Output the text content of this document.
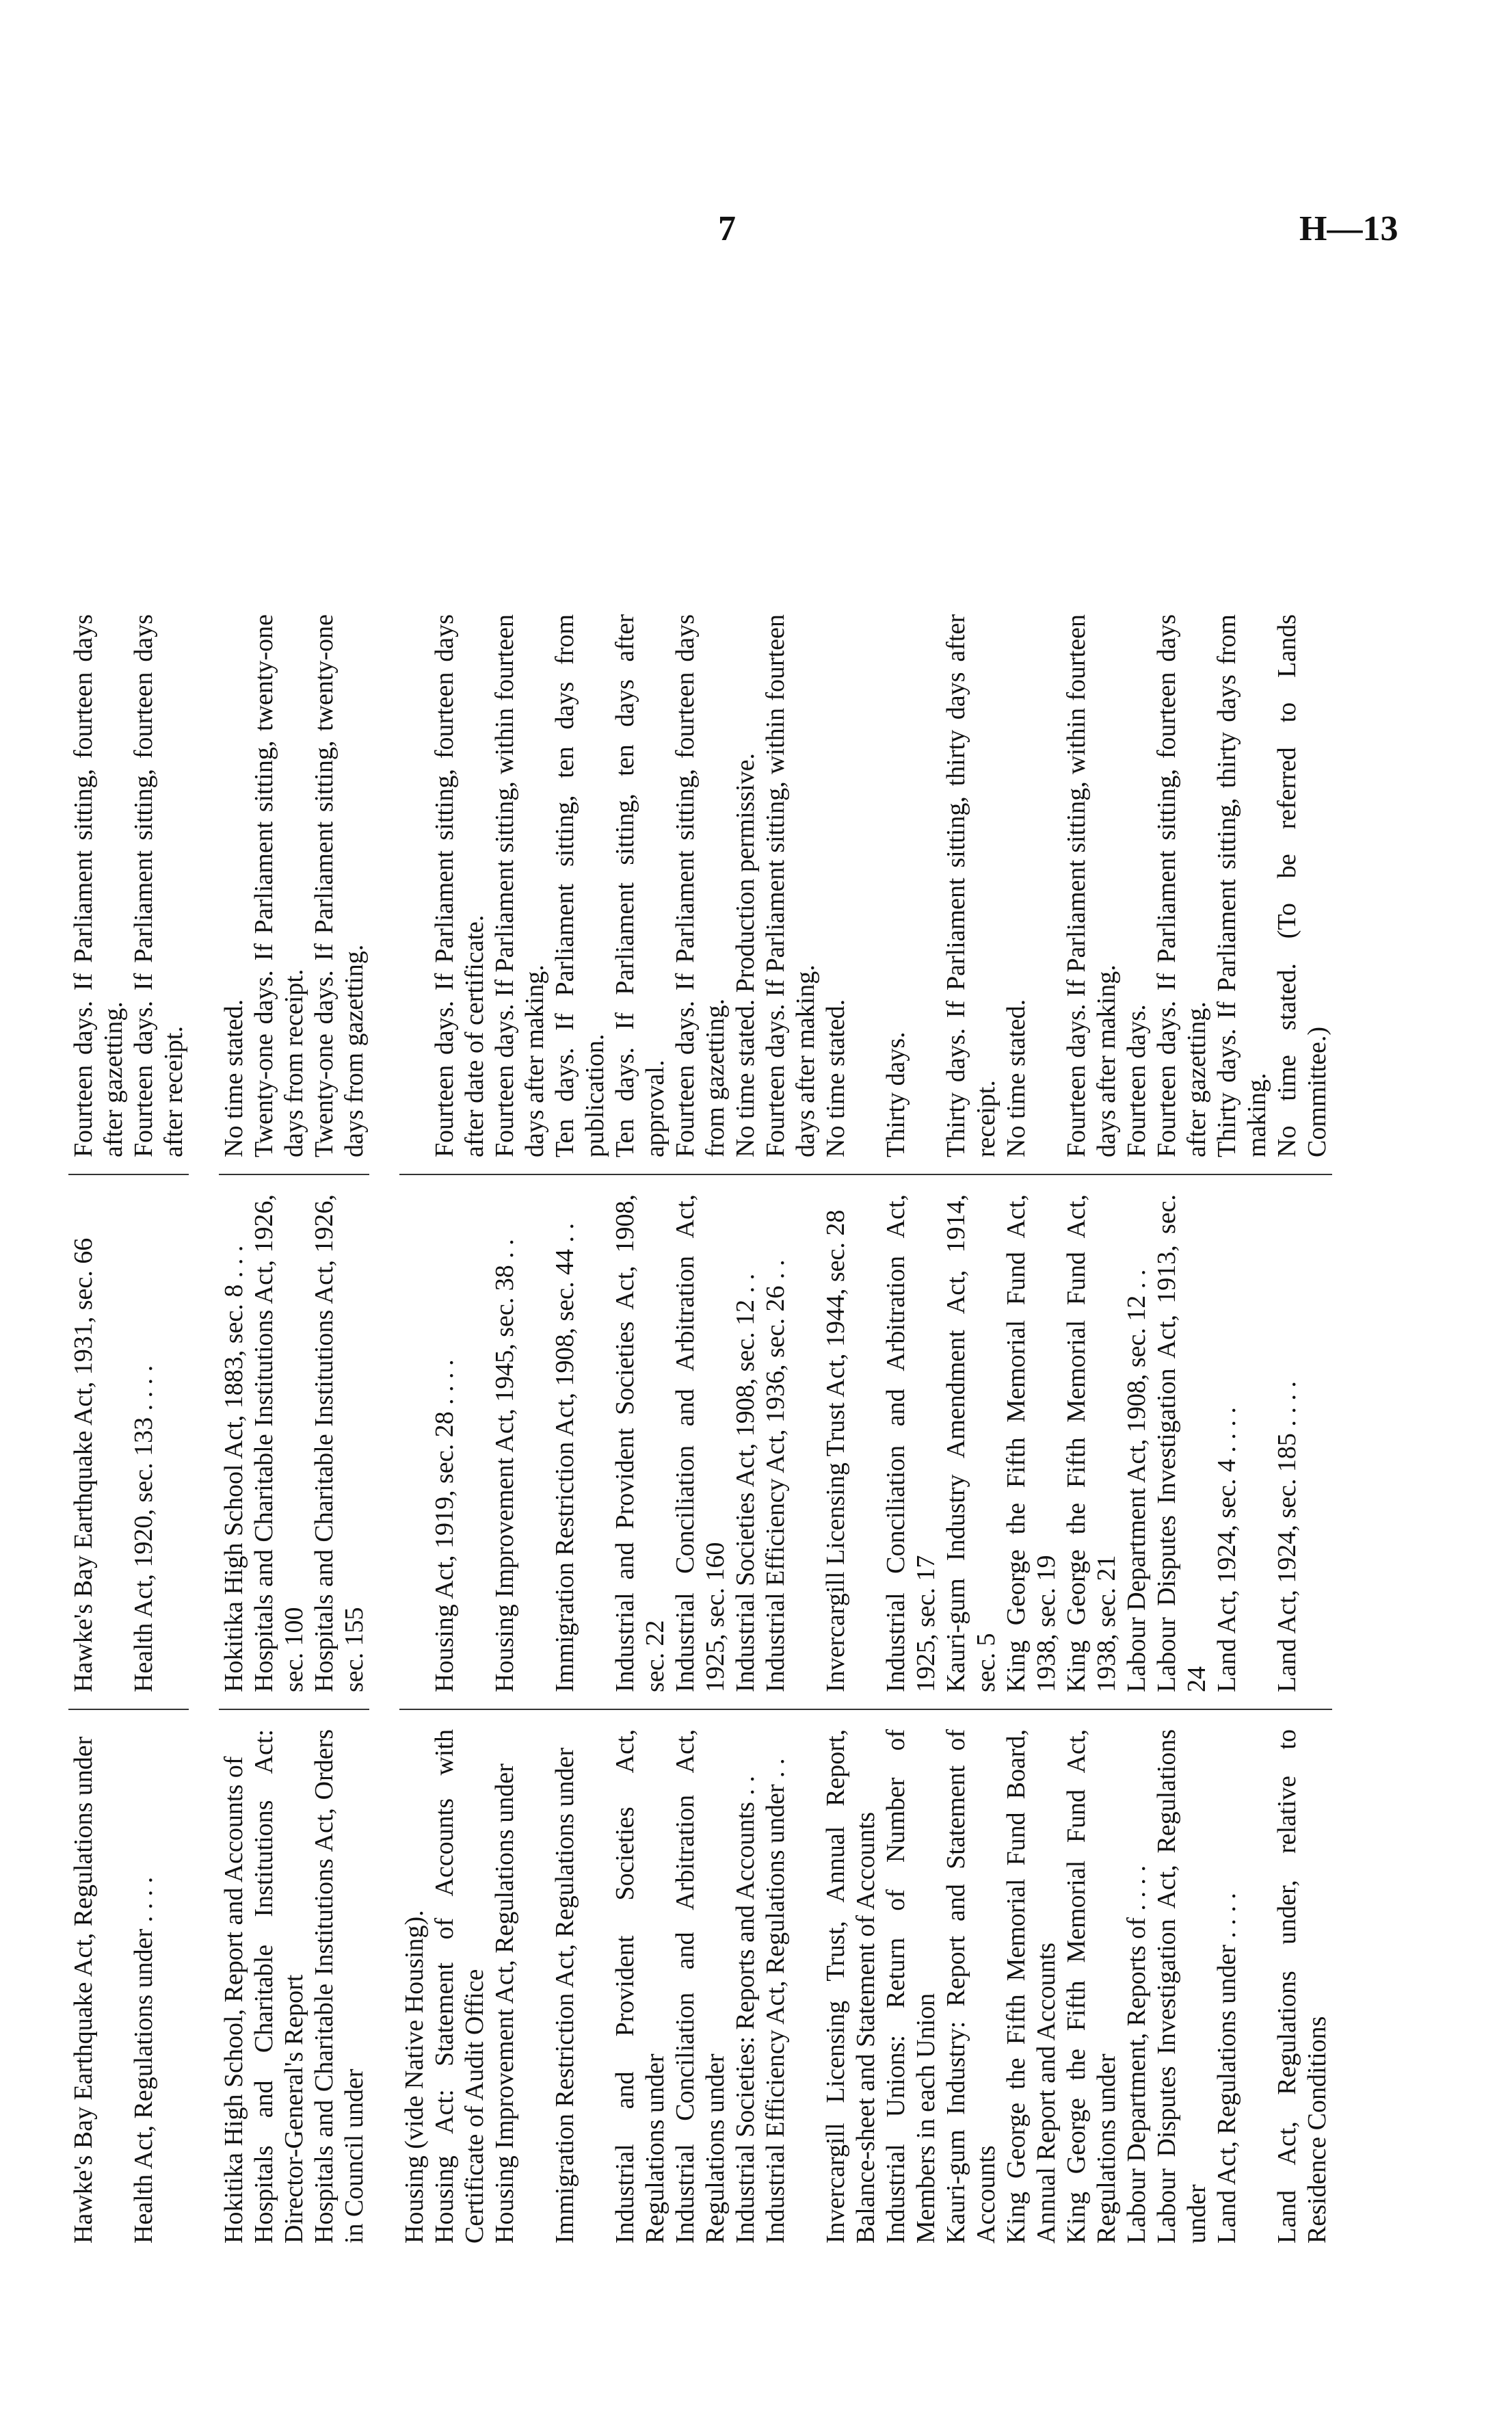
7	H—13
Hawke's Bay Earthquake Act, Regulations under
Hawke's Bay Earthquake Act, 1931, sec. 66
Fourteen days. If Parliament sitting, fourteen days after gazetting.
Health Act, Regulations under . . . .
Health Act, 1920, sec. 133 . . . .
Fourteen days. If Parliament sitting, fourteen days after receipt.
Hokitika High School, Report and Accounts of
Hokitika High School Act, 1883, sec. 8 . . .
No time stated.
Hospitals and Charitable Institutions Act: Director-General's Report
Hospitals and Charitable Institutions Act, 1926, sec. 100
Twenty-one days. If Parliament sitting, twenty-one days from receipt.
Hospitals and Charitable Institutions Act, Orders in Council under
Hospitals and Charitable Institutions Act, 1926, sec. 155
Twenty-one days. If Parliament sitting, twenty-one days from gazetting.
Housing (vide Native Housing). Housing Act: Statement of Accounts with Certificate of Audit Office
Housing Act, 1919, sec. 28 . . . .
Fourteen days. If Parliament sitting, fourteen days after date of certificate.
Housing Improvement Act, Regulations under
Housing Improvement Act, 1945, sec. 38 . .
Fourteen days. If Parliament sitting, within fourteen days after making.
Immigration Restriction Act, Regulations under
Immigration Restriction Act, 1908, sec. 44 . .
Ten days. If Parliament sitting, ten days from publication.
Industrial and Provident Societies Act, Regulations under
Industrial and Provident Societies Act, 1908, sec. 22
Ten days. If Parliament sitting, ten days after approval.
Industrial Conciliation and Arbitration Act, Regulations under
Industrial Conciliation and Arbitration Act, 1925, sec. 160
Fourteen days. If Parliament sitting, fourteen days from gazetting.
Industrial Societies: Reports and Accounts . .
Industrial Societies Act, 1908, sec. 12 . .
No time stated. Production permissive.
Industrial Efficiency Act, Regulations under . .
Industrial Efficiency Act, 1936, sec. 26 . .
Fourteen days. If Parliament sitting, within fourteen days after making.
Invercargill Licensing Trust, Annual Report, Balance-sheet and Statement of Accounts
Invercargill Licensing Trust Act, 1944, sec. 28
No time stated.
Industrial Unions: Return of Number of Members in each Union
Industrial Conciliation and Arbitration Act, 1925, sec. 17
Thirty days.
Kauri-gum Industry: Report and Statement of Accounts
Kauri-gum Industry Amendment Act, 1914, sec. 5
Thirty days. If Parliament sitting, thirty days after receipt.
King George the Fifth Memorial Fund Board, Annual Report and Accounts
King George the Fifth Memorial Fund Act, 1938, sec. 19
No time stated.
King George the Fifth Memorial Fund Act, Regulations under
King George the Fifth Memorial Fund Act, 1938, sec. 21
Fourteen days. If Parliament sitting, within fourteen days after making.
Labour Department, Reports of . . . .
Labour Department Act, 1908, sec. 12 . .
Fourteen days.
Labour Disputes Investigation Act, Regulations under
Labour Disputes Investigation Act, 1913, sec. 24
Fourteen days. If Parliament sitting, fourteen days after gazetting.
Land Act, Regulations under . . . .
Land Act, 1924, sec. 4 . . . .
Thirty days. If Parliament sitting, thirty days from making.
Land Act, Regulations under, relative to Residence Conditions
Land Act, 1924, sec. 185 . . . .
No time stated. (To be referred to Lands Committee.)
